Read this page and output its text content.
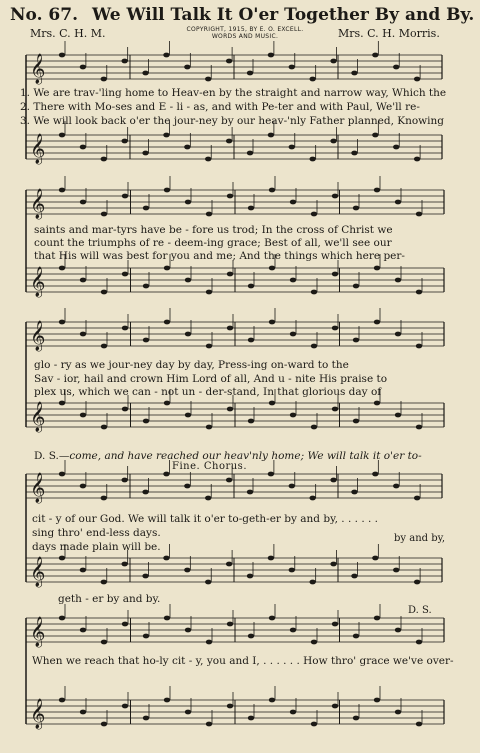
No. 67. We Will Talk It O'er Together By and By.
Mrs. C. H. M.	COPYRIGHT, 1915, BY E. O. EXCELL.
WORDS AND MUSIC.	Mrs. C. H. Morris.
𝄞
𝄞
𝄞
𝄞
𝄞
𝄞
𝄞
𝄞
𝄞
𝄞
1. We are trav-'ling home to Heav-en by the straight and narrow way, Which the
2. There with Mo-ses and E - li - as, and with Pe-ter and with Paul, We'll re-
3. We will look back o'er the jour-ney by our heav-'nly Father planned, Knowing
saints and mar-tyrs have be - fore us trod; In the cross of Christ we
count the triumphs of re - deem-ing grace; Best of all, we'll see our
that His will was best for you and me; And the things which here per-
glo - ry as we jour-ney day by day, Press-ing on-ward to the
Sav - ior, hail and crown Him Lord of all, And u - nite His praise to
plex us, which we can - not un - der-stand, In that glorious day of
D. S.—come, and have reached our heav'nly home; We will talk it o'er to-
Fine. Chorus.
cit - y of our God. We will talk it o'er to-geth-er by and by, . . . . . .
sing thro' end-less days.
days made plain will be.
by and by,
geth - er by and by.
D. S.
When we reach that ho-ly cit - y, you and I, . . . . . . How thro' grace we've over-
